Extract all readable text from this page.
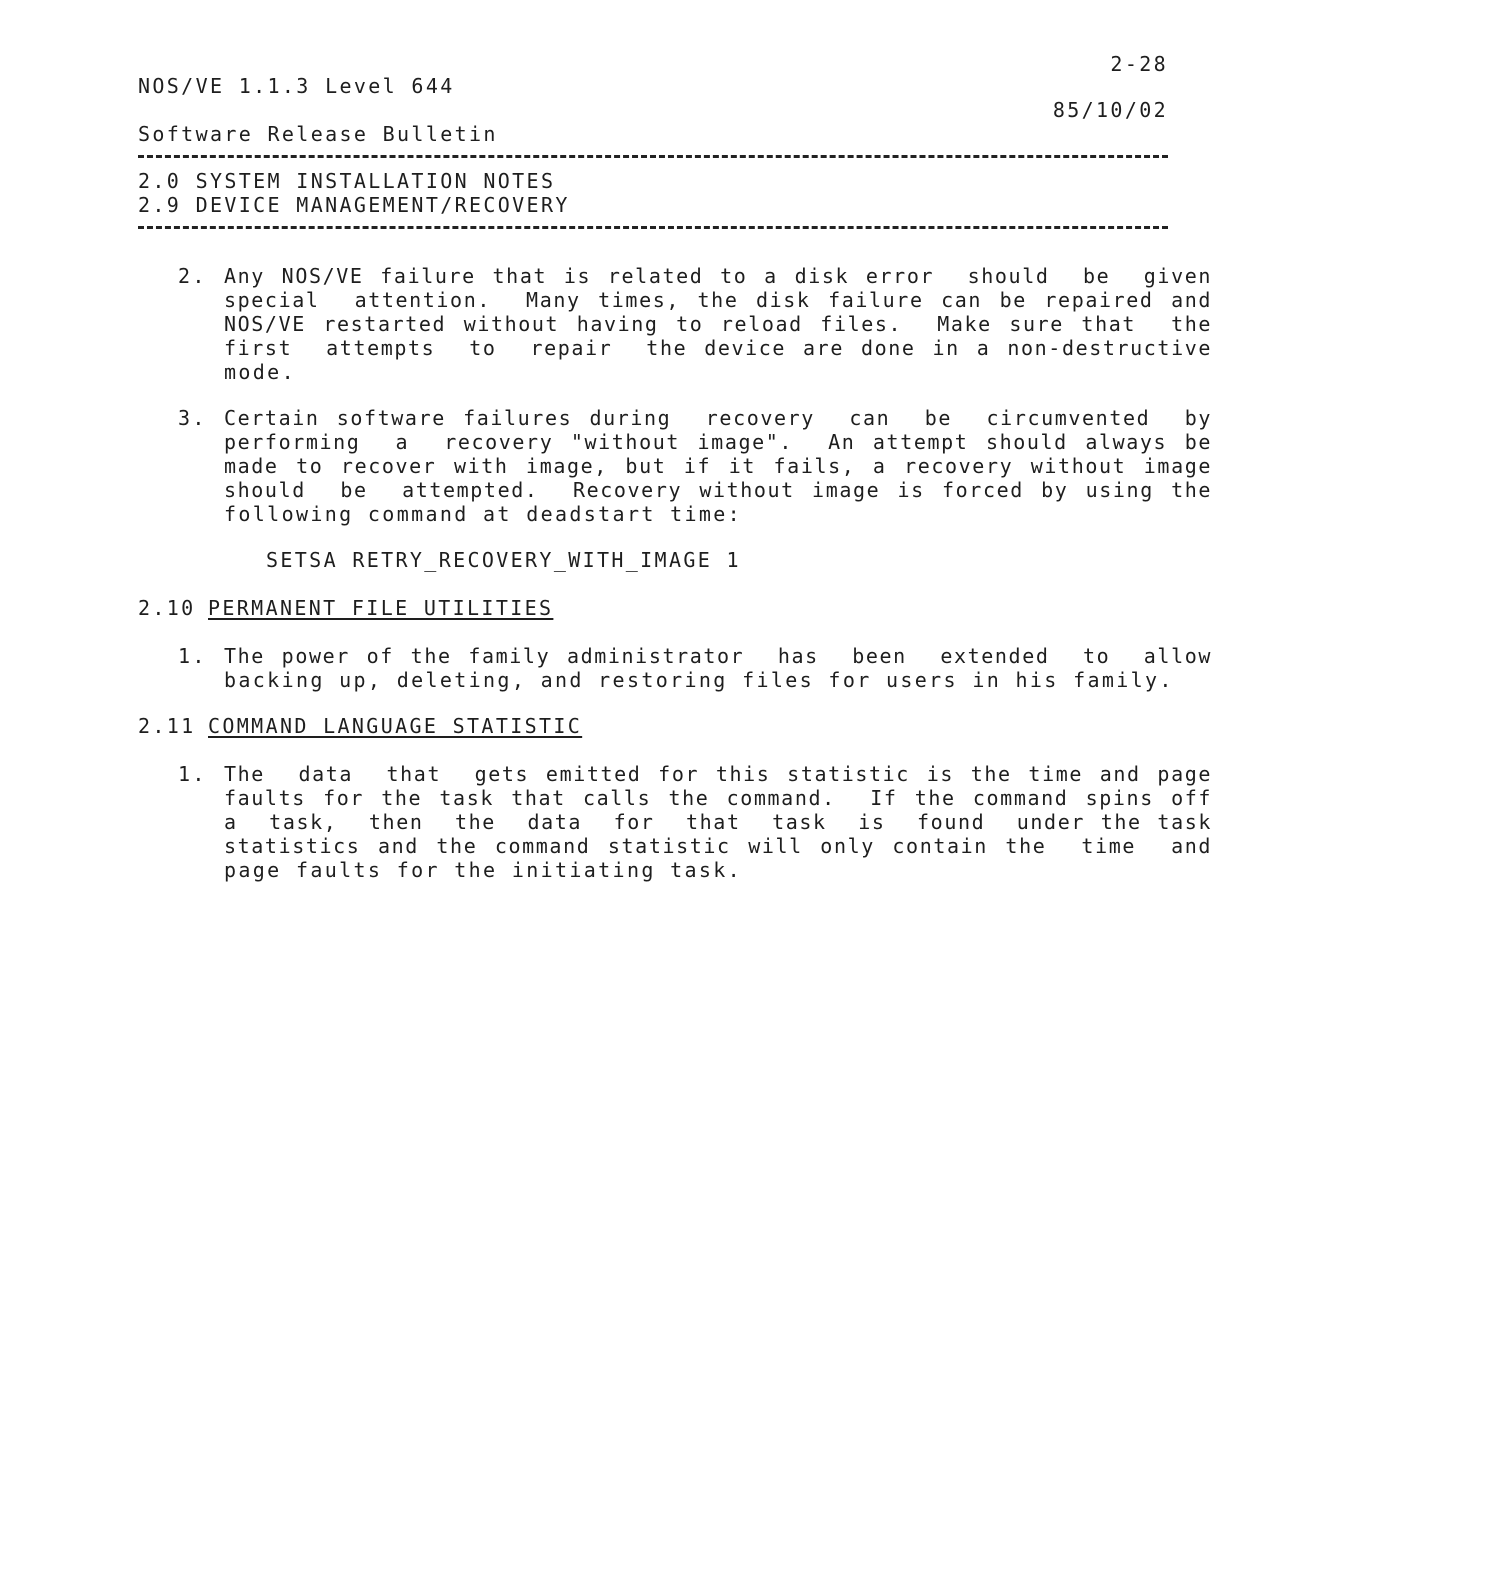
2-28
NOS/VE 1.1.3 Level 644
85/10/02
Software Release Bulletin
2.0 SYSTEM INSTALLATION NOTES
2.9 DEVICE MANAGEMENT/RECOVERY
2. Any NOS/VE failure that is related to a disk error  should  be  given
special  attention.  Many times, the disk failure can be repaired and
NOS/VE restarted without having to reload files.  Make sure that  the
first  attempts  to  repair  the device are done in a non-destructive
mode.
3. Certain software failures during  recovery  can  be  circumvented  by
performing  a  recovery "without image".  An attempt should always be
made to recover with image, but if it fails, a recovery without image
should  be  attempted.  Recovery without image is forced by using the
following command at deadstart time:
SETSA RETRY_RECOVERY_WITH_IMAGE 1
2.10 PERMANENT_FILE_UTILITIES
1. The power of the family administrator  has  been  extended  to  allow
backing up, deleting, and restoring files for users in his family.
2.11 COMMAND_LANGUAGE_STATISTIC
1. The  data  that  gets emitted for this statistic is the time and page
faults for the task that calls the command.  If the command spins off
a  task,  then  the  data  for  that  task  is  found  under the task
statistics and the command statistic will only contain the  time  and
page faults for the initiating task.
